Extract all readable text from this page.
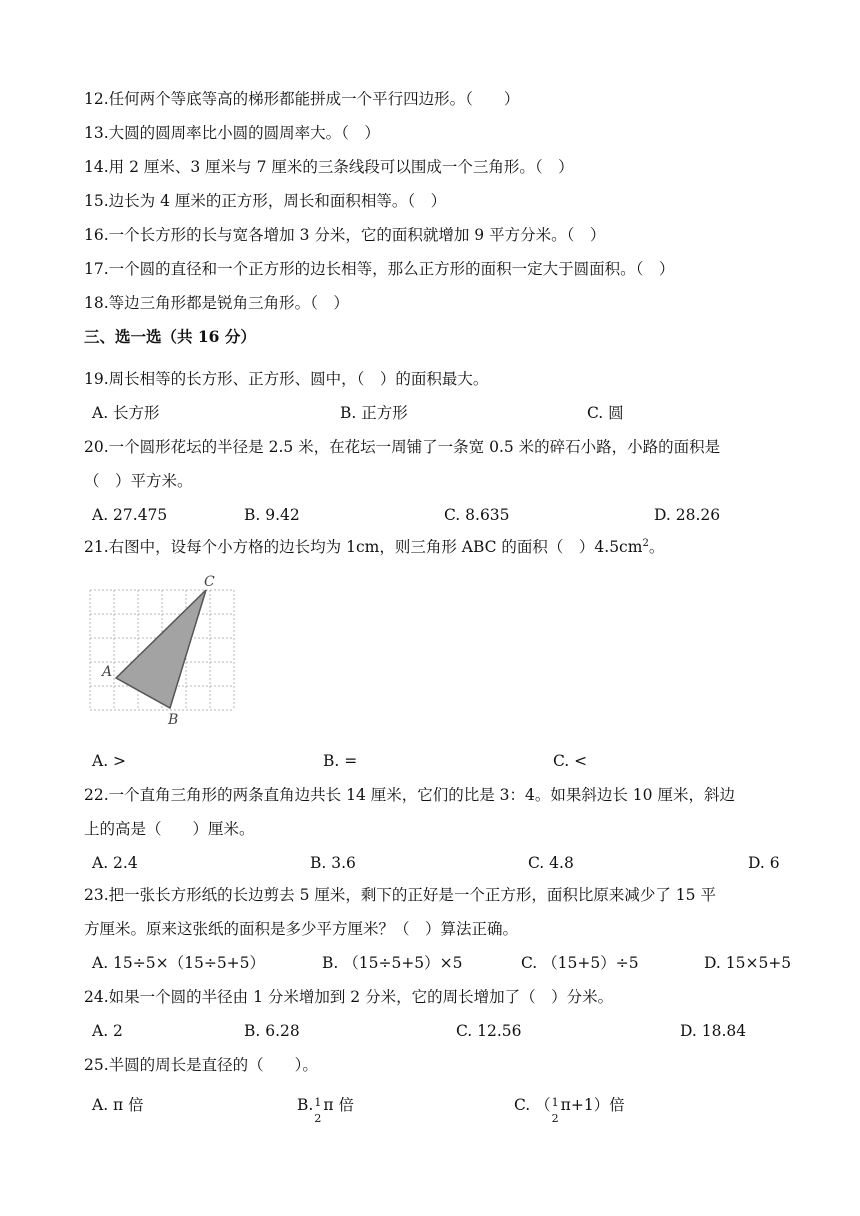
12.任何两个等底等高的梯形都能拼成一个平行四边形。（　　）
13.大圆的圆周率比小圆的圆周率大。（　）
14.用 2 厘米、3 厘米与 7 厘米的三条线段可以围成一个三角形。（　）
15.边长为 4 厘米的正方形，周长和面积相等。（　）
16.一个长方形的长与宽各增加 3 分米，它的面积就增加 9 平方分米。（　）
17.一个圆的直径和一个正方形的边长相等，那么正方形的面积一定大于圆面积。（　）
18.等边三角形都是锐角三角形。（　）
三、选一选（共 16 分）
19.周长相等的长方形、正方形、圆中，（　）的面积最大。
A. 长方形	B. 正方形	C. 圆
20.一个圆形花坛的半径是 2.5 米，在花坛一周铺了一条宽 0.5 米的碎石小路，小路的面积是
（　）平方米。
A. 27.475	B. 9.42	C. 8.635	D. 28.26
21.右图中，设每个小方格的边长均为 1cm，则三角形 ABC 的面积（　）$4.5cm^2$。
A
B
C
A. >	B. =	C. <
22.一个直角三角形的两条直角边共长 14 厘米，它们的比是 3：4。如果斜边长 10 厘米，斜边
上的高是（　　）厘米。
A. 2.4	B. 3.6	C. 4.8	D. 6
23.把一张长方形纸的长边剪去 5 厘米，剩下的正好是一个正方形，面积比原来减少了 15 平
方厘米。原来这张纸的面积是多少平方厘米？（　）算法正确。
A. 15÷5×（15÷5+5）	B. （15÷5+5）×5	C. （15+5）÷5	D. 15×5+5
24.如果一个圆的半径由 1 分米增加到 2 分米，它的周长增加了（　）分米。
A. 2	B. 6.28	C. 12.56	D. 18.84
25.半圆的周长是直径的（　　）。
A. π 倍	B. 1
2
π 倍	C. （ 1
2
π+1）倍
